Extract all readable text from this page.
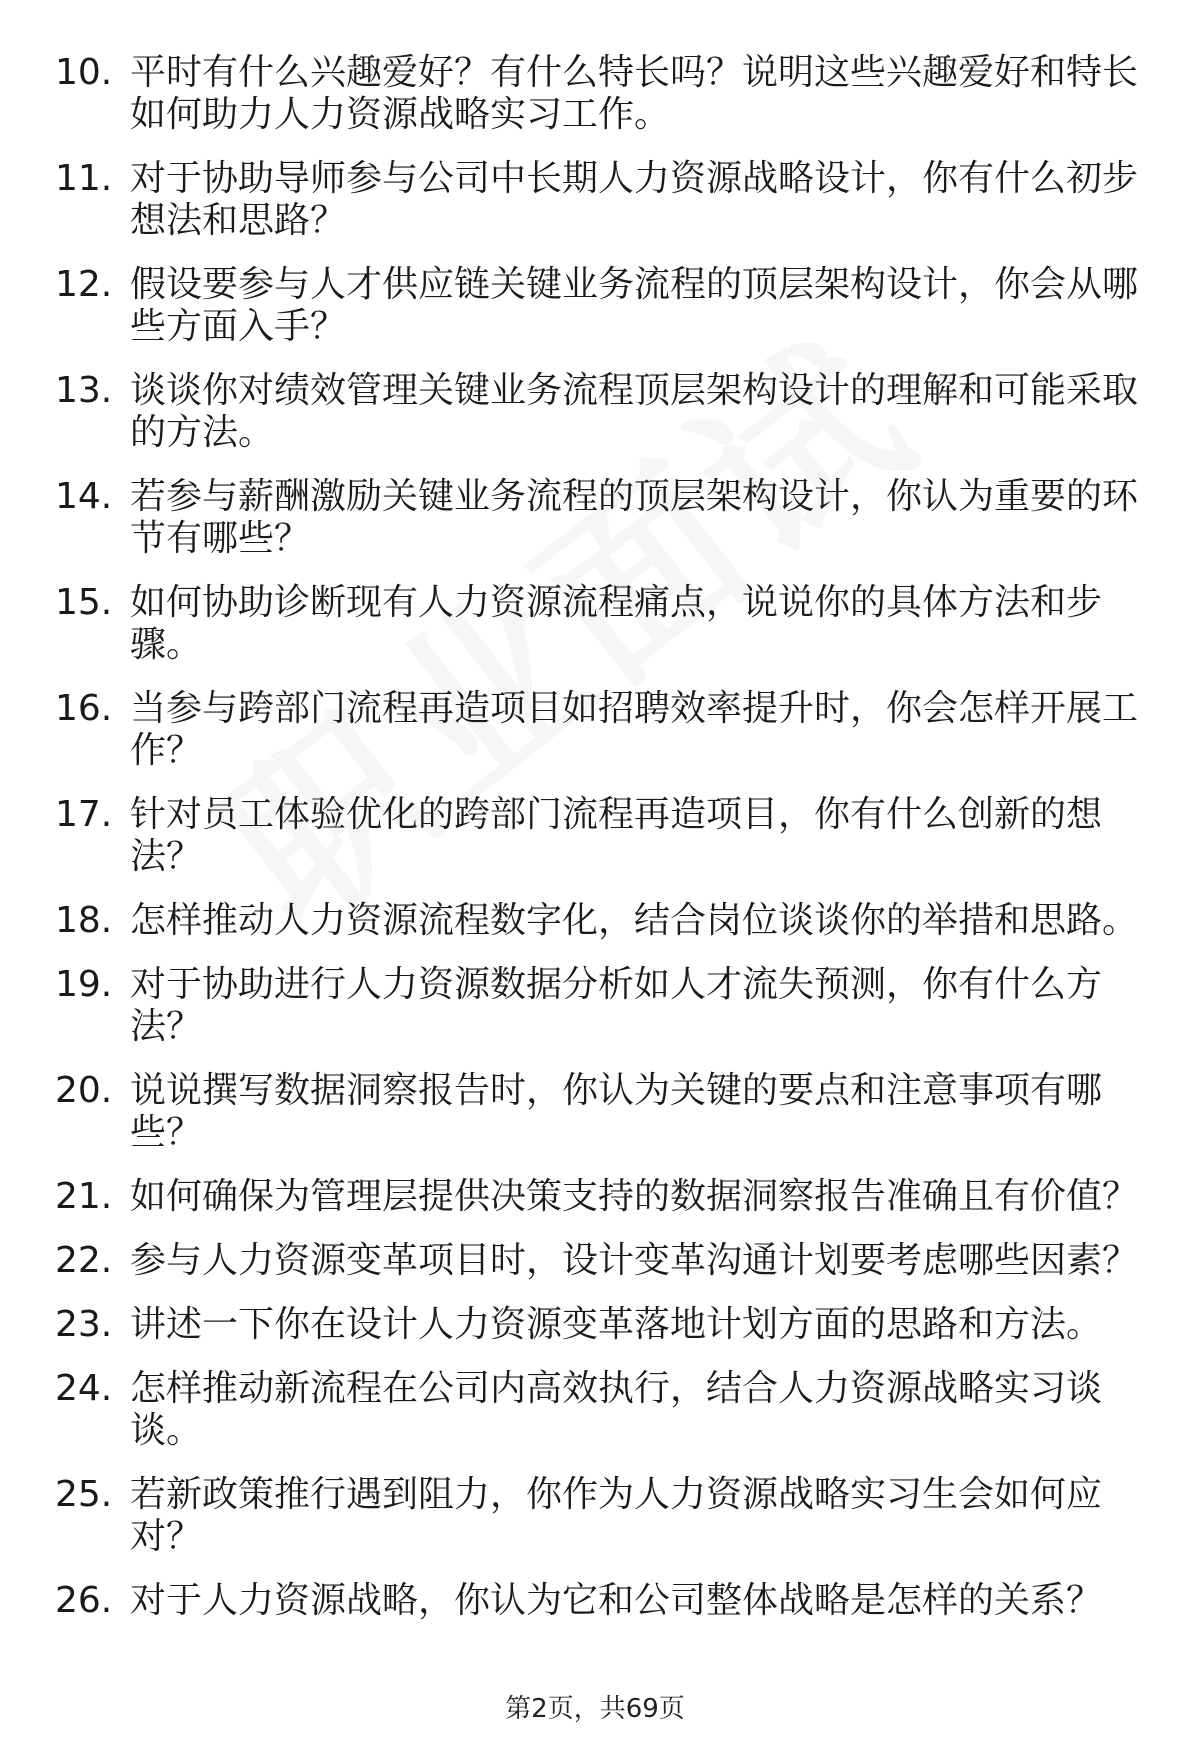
10. 平时有什么兴趣爱好？有什么特长吗？说明这些兴趣爱好和特长如何助力人力资源战略实习工作。
11. 对于协助导师参与公司中长期人力资源战略设计，你有什么初步想法和思路？
12. 假设要参与人才供应链关键业务流程的顶层架构设计，你会从哪些方面入手？
13. 谈谈你对绩效管理关键业务流程顶层架构设计的理解和可能采取的方法。
14. 若参与薪酬激励关键业务流程的顶层架构设计，你认为重要的环节有哪些？
15. 如何协助诊断现有人力资源流程痛点，说说你的具体方法和步骤。
16. 当参与跨部门流程再造项目如招聘效率提升时，你会怎样开展工作？
17. 针对员工体验优化的跨部门流程再造项目，你有什么创新的想法？
18. 怎样推动人力资源流程数字化，结合岗位谈谈你的举措和思路。
19. 对于协助进行人力资源数据分析如人才流失预测，你有什么方法？
20. 说说撰写数据洞察报告时，你认为关键的要点和注意事项有哪些？
21. 如何确保为管理层提供决策支持的数据洞察报告准确且有价值？
22. 参与人力资源变革项目时，设计变革沟通计划要考虑哪些因素？
23. 讲述一下你在设计人力资源变革落地计划方面的思路和方法。
24. 怎样推动新流程在公司内高效执行，结合人力资源战略实习谈谈。
25. 若新政策推行遇到阻力，你作为人力资源战略实习生会如何应对？
26. 对于人力资源战略，你认为它和公司整体战略是怎样的关系？
第2页，共69页
